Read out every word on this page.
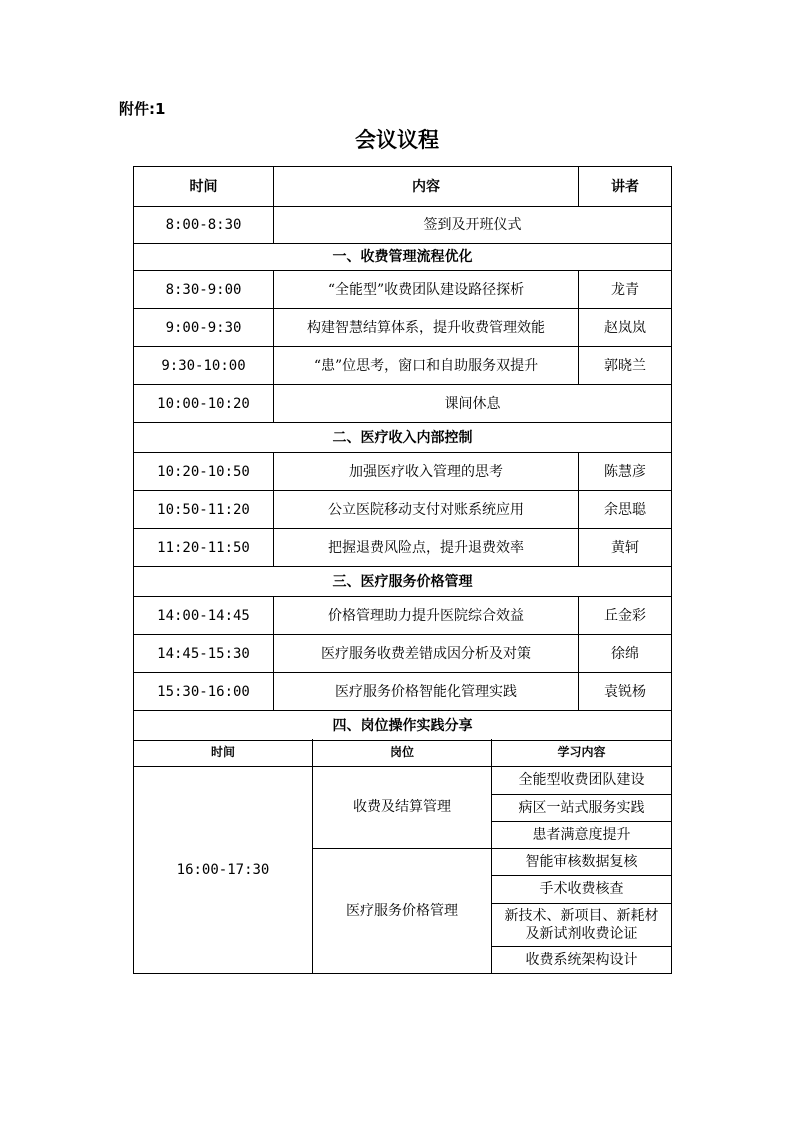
附件:1
会议议程
时间	内容	讲者
8:00-8:30	签到及开班仪式	
一、收费管理流程优化		
8:30-9:00	“全能型”收费团队建设路径探析	龙青
9:00-9:30	构建智慧结算体系，提升收费管理效能	赵岚岚
9:30-10:00	“患”位思考，窗口和自助服务双提升	郭晓兰
10:00-10:20	课间休息	
二、医疗收入内部控制		
10:20-10:50	加强医疗收入管理的思考	陈慧彦
10:50-11:20	公立医院移动支付对账系统应用	余思聪
11:20-11:50	把握退费风险点，提升退费效率	黄轲
三、医疗服务价格管理		
14:00-14:45	价格管理助力提升医院综合效益	丘金彩
14:45-15:30	医疗服务收费差错成因分析及对策	徐绵
15:30-16:00	医疗服务价格智能化管理实践	袁锐杨
四、岗位操作实践分享		
时间	岗位	学习内容
16:00-17:30	收费及结算管理	全能型收费团队建设
		病区一站式服务实践
		患者满意度提升
	医疗服务价格管理	智能审核数据复核
		手术收费核查
		新技术、新项目、新耗材及新试剂收费论证
		收费系统架构设计
